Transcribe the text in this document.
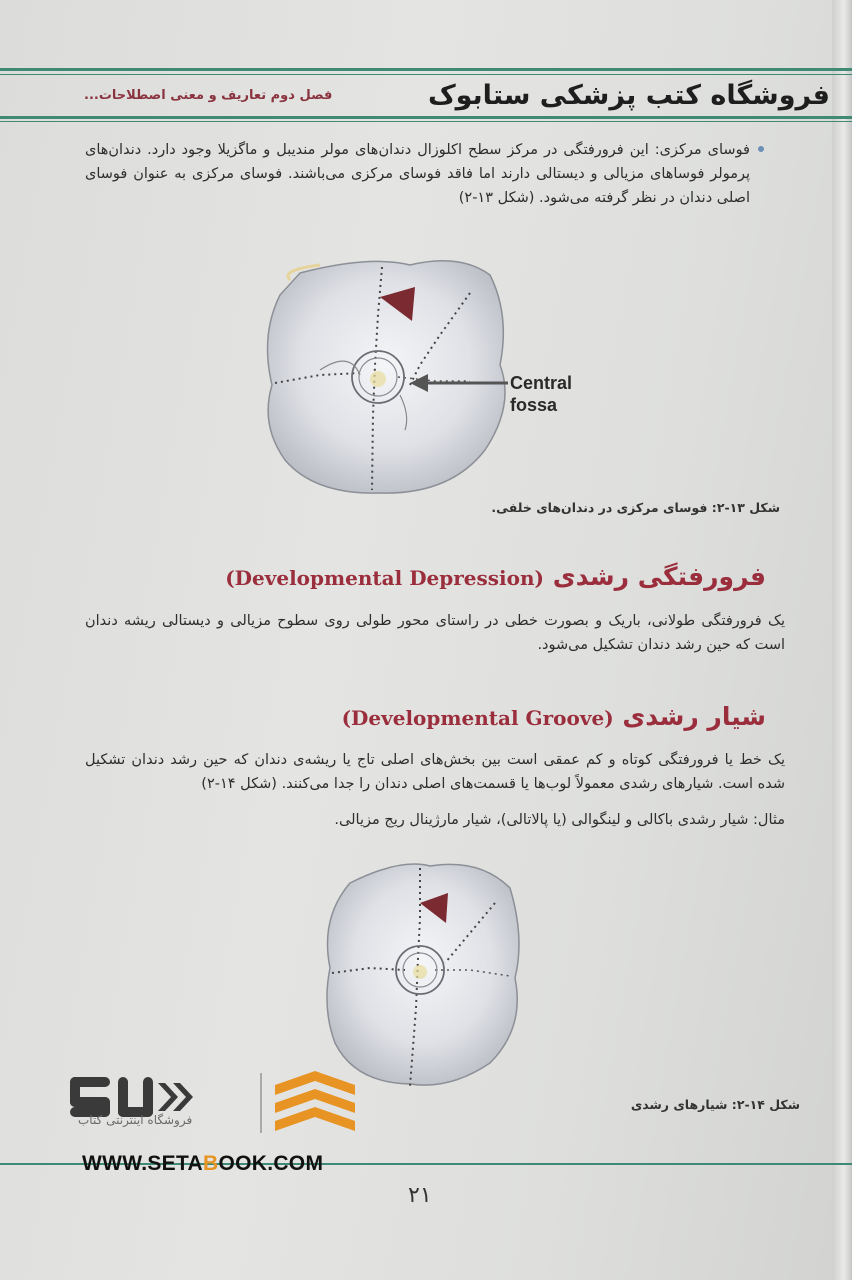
فروشگاه کتب پزشکی ستابوک
فصل دوم تعاریف و معنی اصطلاحات...
فوسای مرکزی: این فرورفتگی در مرکز سطح اکلوزال دندان‌های مولر مندیبل و ماگزیلا وجود دارد. دندان‌های پرمولر فوساهای مزیالی و دیستالی دارند اما فاقد فوسای مرکزی می‌باشند. فوسای مرکزی به عنوان فوسای اصلی دندان در نظر گرفته می‌شود. (شکل ۱۳-۲)
Central
fossa
شکل ۱۳-۲: فوسای مرکزی در دندان‌های خلفی.
فرورفتگی رشدی (Developmental Depression)
یک فرورفتگی طولانی، باریک و بصورت خطی در راستای محور طولی روی سطوح مزیالی و دیستالی ریشه دندان است که حین رشد دندان تشکیل می‌شود.
شیار رشدی (Developmental Groove)
یک خط یا فرورفتگی کوتاه و کم عمقی است بین بخش‌های اصلی تاج یا ریشه‌ی دندان که حین رشد دندان تشکیل شده است. شیارهای رشدی معمولاً لوب‌ها یا قسمت‌های اصلی دندان را جدا می‌کنند. (شکل ۱۴-۲)
مثال: شیار رشدی باکالی و لینگوالی (یا پالاتالی)، شیار مارژینال ریج مزیالی.
شکل ۱۴-۲: شیارهای رشدی
فروشگاه اینترنتی کتاب
WWW.SETABOOK.COM
۲۱
